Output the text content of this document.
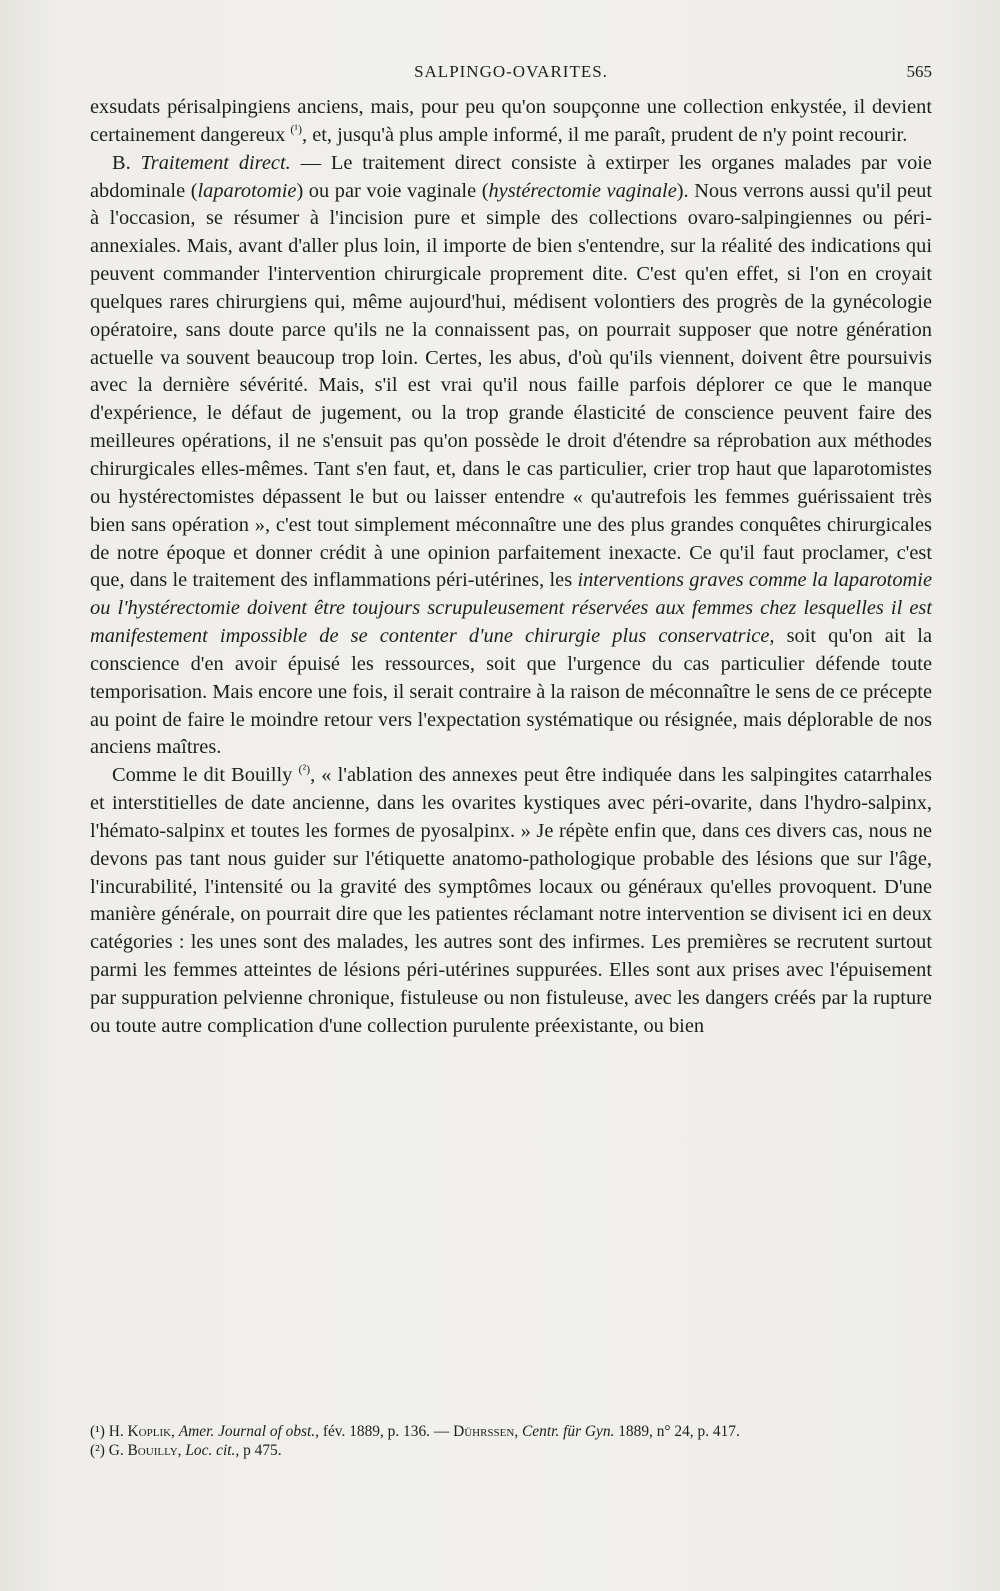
SALPINGO-OVARITES.	565

exsudats périsalpingiens anciens, mais, pour peu qu'on soupçonne une collection enkystée, il devient certainement dangereux $^{(^1)}$, et, jusqu'à plus ample informé, il me paraît, prudent de n'y point recourir.

B. Traitement direct. — Le traitement direct consiste à extirper les organes malades par voie abdominale (laparotomie) ou par voie vaginale (hystérectomie vaginale). Nous verrons aussi qu'il peut à l'occasion, se résumer à l'incision pure et simple des collections ovaro-salpingiennes ou péri-annexiales. Mais, avant d'aller plus loin, il importe de bien s'entendre, sur la réalité des indications qui peuvent commander l'intervention chirurgicale proprement dite. C'est qu'en effet, si l'on en croyait quelques rares chirurgiens qui, même aujourd'hui, médisent volontiers des progrès de la gynécologie opératoire, sans doute parce qu'ils ne la connaissent pas, on pourrait supposer que notre génération actuelle va souvent beaucoup trop loin. Certes, les abus, d'où qu'ils viennent, doivent être poursuivis avec la dernière sévérité. Mais, s'il est vrai qu'il nous faille parfois déplorer ce que le manque d'expérience, le défaut de jugement, ou la trop grande élasticité de conscience peuvent faire des meilleures opérations, il ne s'ensuit pas qu'on possède le droit d'étendre sa réprobation aux méthodes chirurgicales elles-mêmes. Tant s'en faut, et, dans le cas particulier, crier trop haut que laparotomistes ou hystérectomistes dépassent le but ou laisser entendre « qu'autrefois les femmes guérissaient très bien sans opération », c'est tout simplement méconnaître une des plus grandes conquêtes chirurgicales de notre époque et donner crédit à une opinion parfaitement inexacte. Ce qu'il faut proclamer, c'est que, dans le traitement des inflammations péri-utérines, les interventions graves comme la laparotomie ou l'hystérectomie doivent être toujours scrupuleusement réservées aux femmes chez lesquelles il est manifestement impossible de se contenter d'une chirurgie plus conservatrice, soit qu'on ait la conscience d'en avoir épuisé les ressources, soit que l'urgence du cas particulier défende toute temporisation. Mais encore une fois, il serait contraire à la raison de méconnaître le sens de ce précepte au point de faire le moindre retour vers l'expectation systématique ou résignée, mais déplorable de nos anciens maîtres.

Comme le dit Bouilly $^{(^2)}$, « l'ablation des annexes peut être indiquée dans les salpingites catarrhales et interstitielles de date ancienne, dans les ovarites kystiques avec péri-ovarite, dans l'hydro-salpinx, l'hémato-salpinx et toutes les formes de pyosalpinx. » Je répète enfin que, dans ces divers cas, nous ne devons pas tant nous guider sur l'étiquette anatomo-pathologique probable des lésions que sur l'âge, l'incurabilité, l'intensité ou la gravité des symptômes locaux ou généraux qu'elles provoquent. D'une manière générale, on pourrait dire que les patientes réclamant notre intervention se divisent ici en deux catégories : les unes sont des malades, les autres sont des infirmes. Les premières se recrutent surtout parmi les femmes atteintes de lésions péri-utérines suppurées. Elles sont aux prises avec l'épuisement par suppuration pelvienne chronique, fistuleuse ou non fistuleuse, avec les dangers créés par la rupture ou toute autre complication d'une collection purulente préexistante, ou bien

(¹) H. Koplik, Amer. Journal of obst., fév. 1889, p. 136. — Dührssen, Centr. für Gyn. 1889, n° 24, p. 417.

(²) G. Bouilly, Loc. cit., p 475.
